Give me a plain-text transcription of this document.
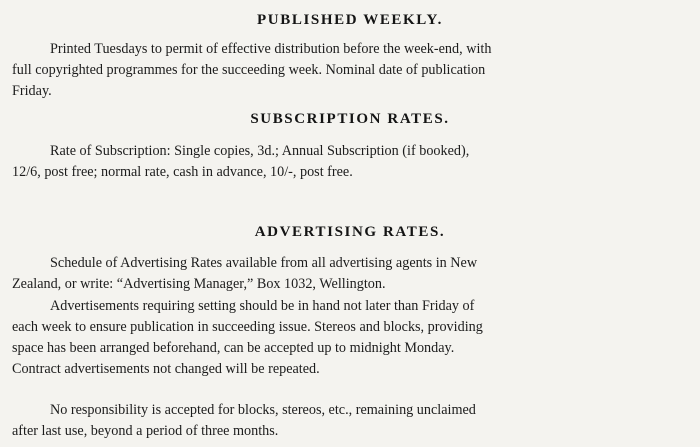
PUBLISHED WEEKLY.

Printed Tuesdays to permit of effective distribution before the week-end, with
full copyrighted programmes for the succeeding week. Nominal date of publication
Friday.

SUBSCRIPTION RATES.

Rate of Subscription: Single copies, 3d.; Annual Subscription (if booked),
12/6, post free; normal rate, cash in advance, 10/-, post free.

ADVERTISING RATES.

Schedule of Advertising Rates available from all advertising agents in New
Zealand, or write: “Advertising Manager,” Box 1032, Wellington.

Advertisements requiring setting should be in hand not later than Friday of
each week to ensure publication in succeeding issue. Stereos and blocks, providing
space has been arranged beforehand, can be accepted up to midnight Monday.
Contract advertisements not changed will be repeated.

No responsibility is accepted for blocks, stereos, etc., remaining unclaimed
after last use, beyond a period of three months.
